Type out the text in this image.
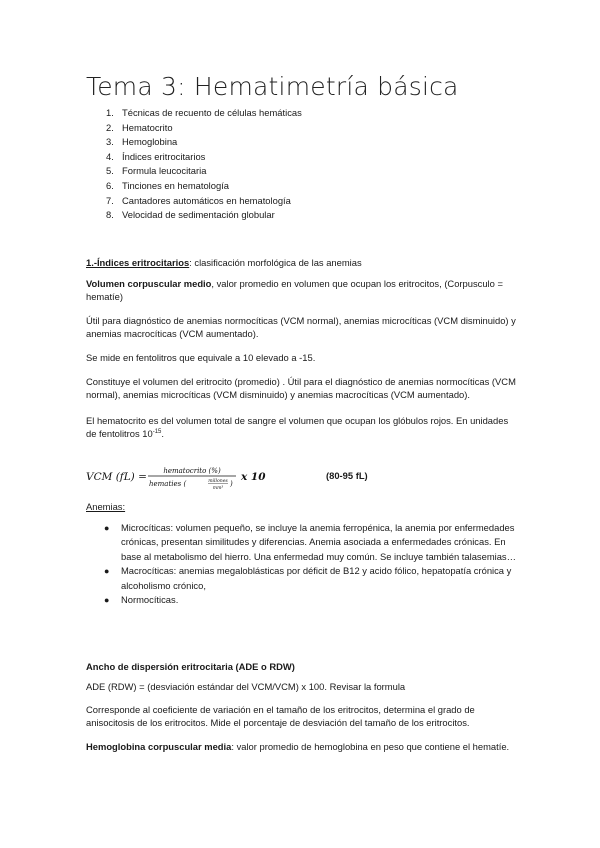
Tema 3: Hematimetría básica
1. Técnicas de recuento de células hemáticas
2. Hematocrito
3. Hemoglobina
4. Índices eritrocitarios
5. Formula leucocitaria
6. Tinciones en hematología
7. Cantadores automáticos en hematología
8. Velocidad de sedimentación globular

1.-Índices eritrocitarios: clasificación morfológica de las anemias

Volumen corpuscular medio, valor promedio en volumen que ocupan los eritrocitos, (Corpusculo = hematíe)

Útil para diagnóstico de anemias normocíticas (VCM normal), anemias microcíticas (VCM disminuido) y anemias macrocíticas (VCM aumentado).

Se mide en fentolitros que equivale a 10 elevado a -15.

Constituye el volumen del eritrocito (promedio) . Útil para el diagnóstico de anemias normocíticas (VCM normal), anemias microcíticas (VCM disminuido) y anemias macrocíticas (VCM aumentado).

El hematocrito es del volumen total de sangre el volumen que ocupan los glóbulos rojos. En unidades de fentolitros $10^{-15}$.

VCM (fL) = hematocrito (%)
hematies (	millones
mm³
)
x 10	(80-95 fL)

Anemias:

● Microcíticas: volumen pequeño, se incluye la anemia ferropénica, la anemia por enfermedades crónicas, presentan similitudes y diferencias. Anemia asociada a enfermedades crónicas. En base al metabolismo del hierro. Una enfermedad muy común. Se incluye también talasemias…
● Macrocíticas: anemias megaloblásticas por déficit de B12 y acido fólico, hepatopatía crónica y alcoholismo crónico,
● Normocíticas.

Ancho de dispersión eritrocitaria (ADE o RDW)

ADE (RDW) = (desviación estándar del VCM/VCM) x 100. Revisar la formula

Corresponde al coeficiente de variación en el tamaño de los eritrocitos, determina el grado de anisocitosis de los eritrocitos. Mide el porcentaje de desviación del tamaño de los eritrocitos.

Hemoglobina corpuscular media: valor promedio de hemoglobina en peso que contiene el hematíe.
